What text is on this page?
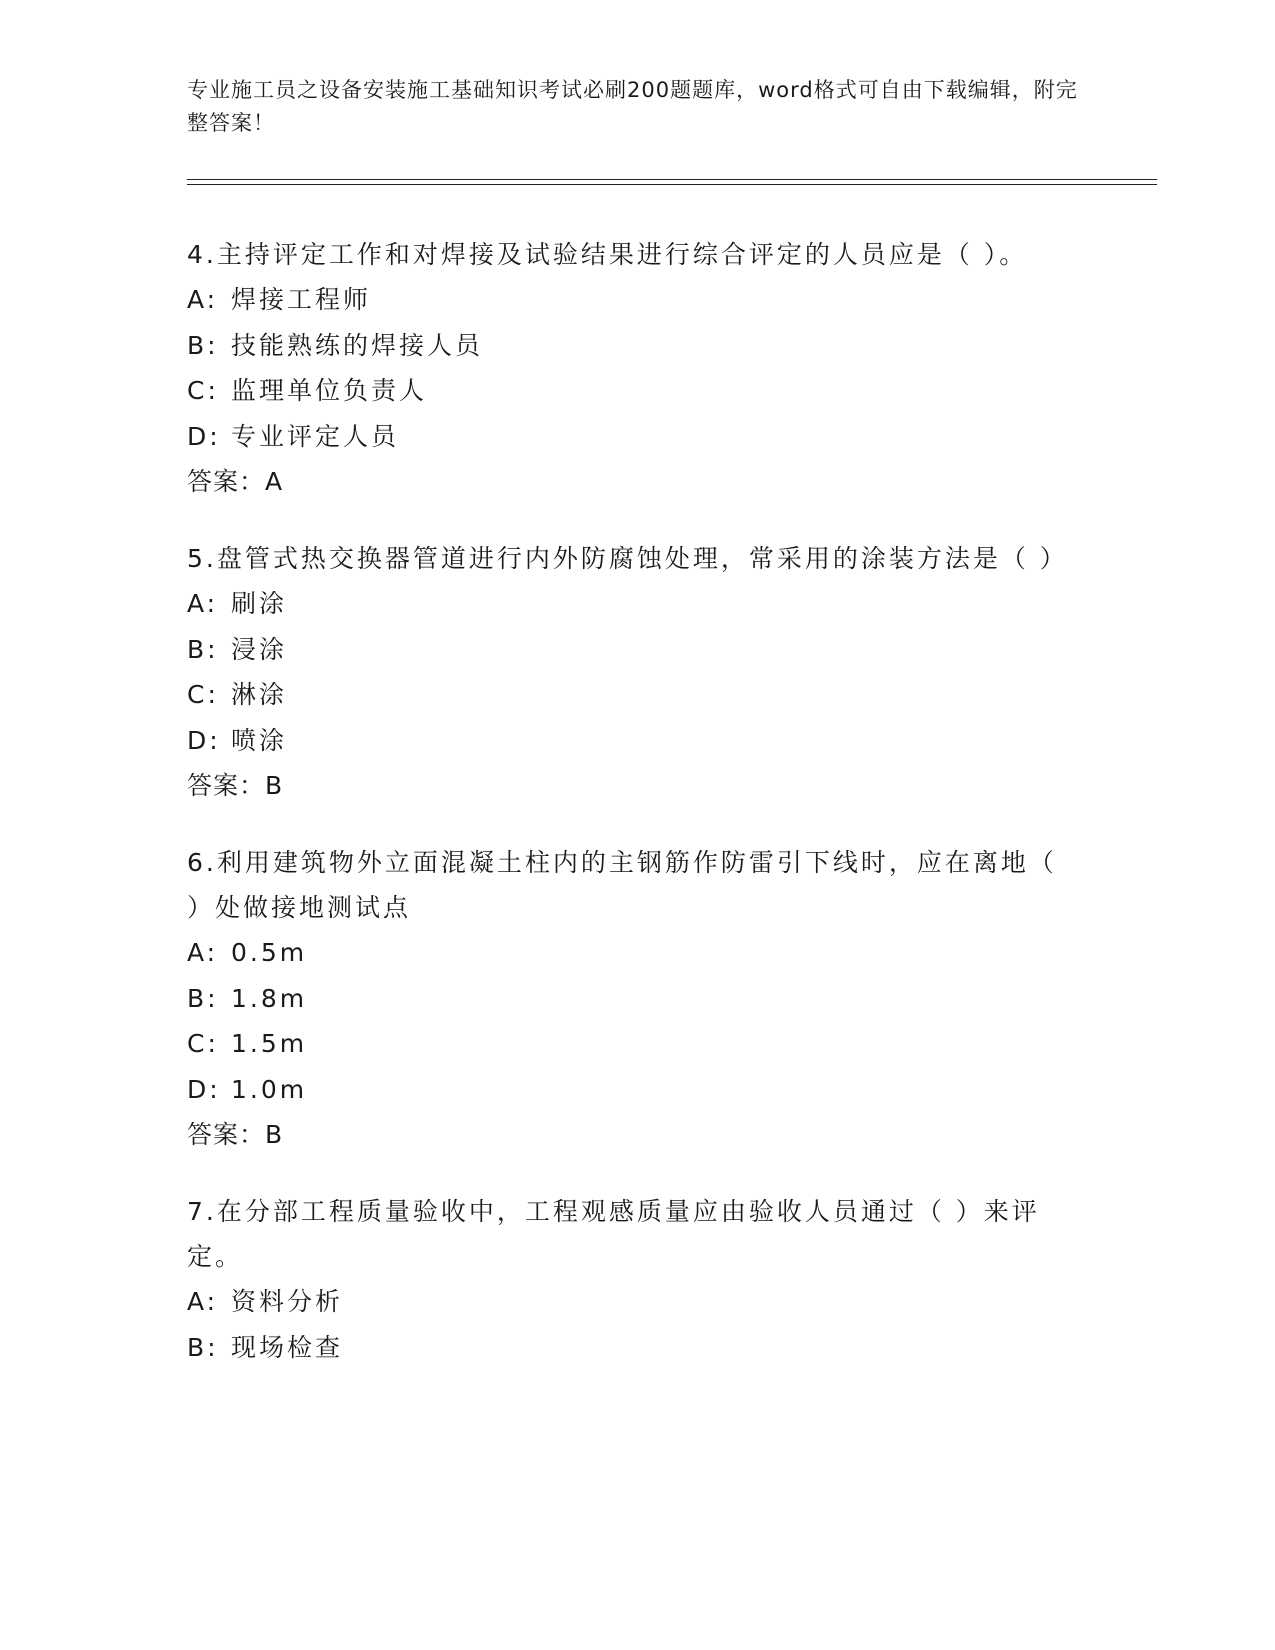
专业施工员之设备安装施工基础知识考试必刷200题题库，word格式可自由下载编辑，附完整答案！
4.主持评定工作和对焊接及试验结果进行综合评定的人员应是（ ）。
A: 焊接工程师
B: 技能熟练的焊接人员
C: 监理单位负责人
D: 专业评定人员
答案：A
5.盘管式热交换器管道进行内外防腐蚀处理，常采用的涂装方法是（ ）
A: 刷涂
B: 浸涂
C: 淋涂
D: 喷涂
答案：B
6.利用建筑物外立面混凝土柱内的主钢筋作防雷引下线时，应在离地（ ）处做接地测试点
A: 0.5m
B: 1.8m
C: 1.5m
D: 1.0m
答案：B
7.在分部工程质量验收中，工程观感质量应由验收人员通过（ ）来评定。
A: 资料分析
B: 现场检查
